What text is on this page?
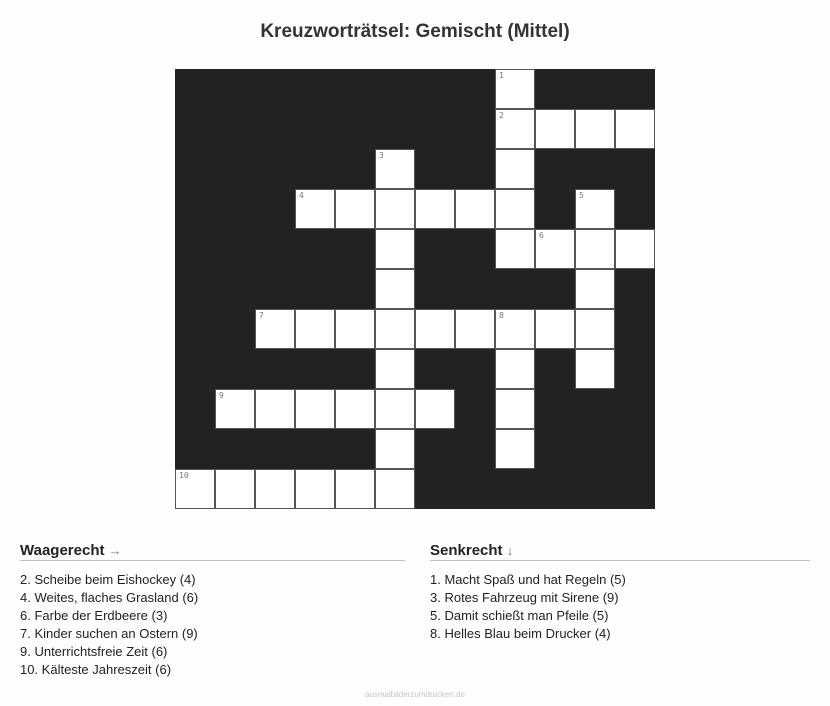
Kreuzworträtsel: Gemischt (Mittel)
1
2
3
4	5
6
7	8
9
10
Waagerecht →
2. Scheibe beim Eishockey (4)
4. Weites, flaches Grasland (6)
6. Farbe der Erdbeere (3)
7. Kinder suchen an Ostern (9)
9. Unterrichtsfreie Zeit (6)
10. Kälteste Jahreszeit (6)
Senkrecht ↓
1. Macht Spaß und hat Regeln (5)
3. Rotes Fahrzeug mit Sirene (9)
5. Damit schießt man Pfeile (5)
8. Helles Blau beim Drucker (4)
ausmalbilderzumdrucken.de
